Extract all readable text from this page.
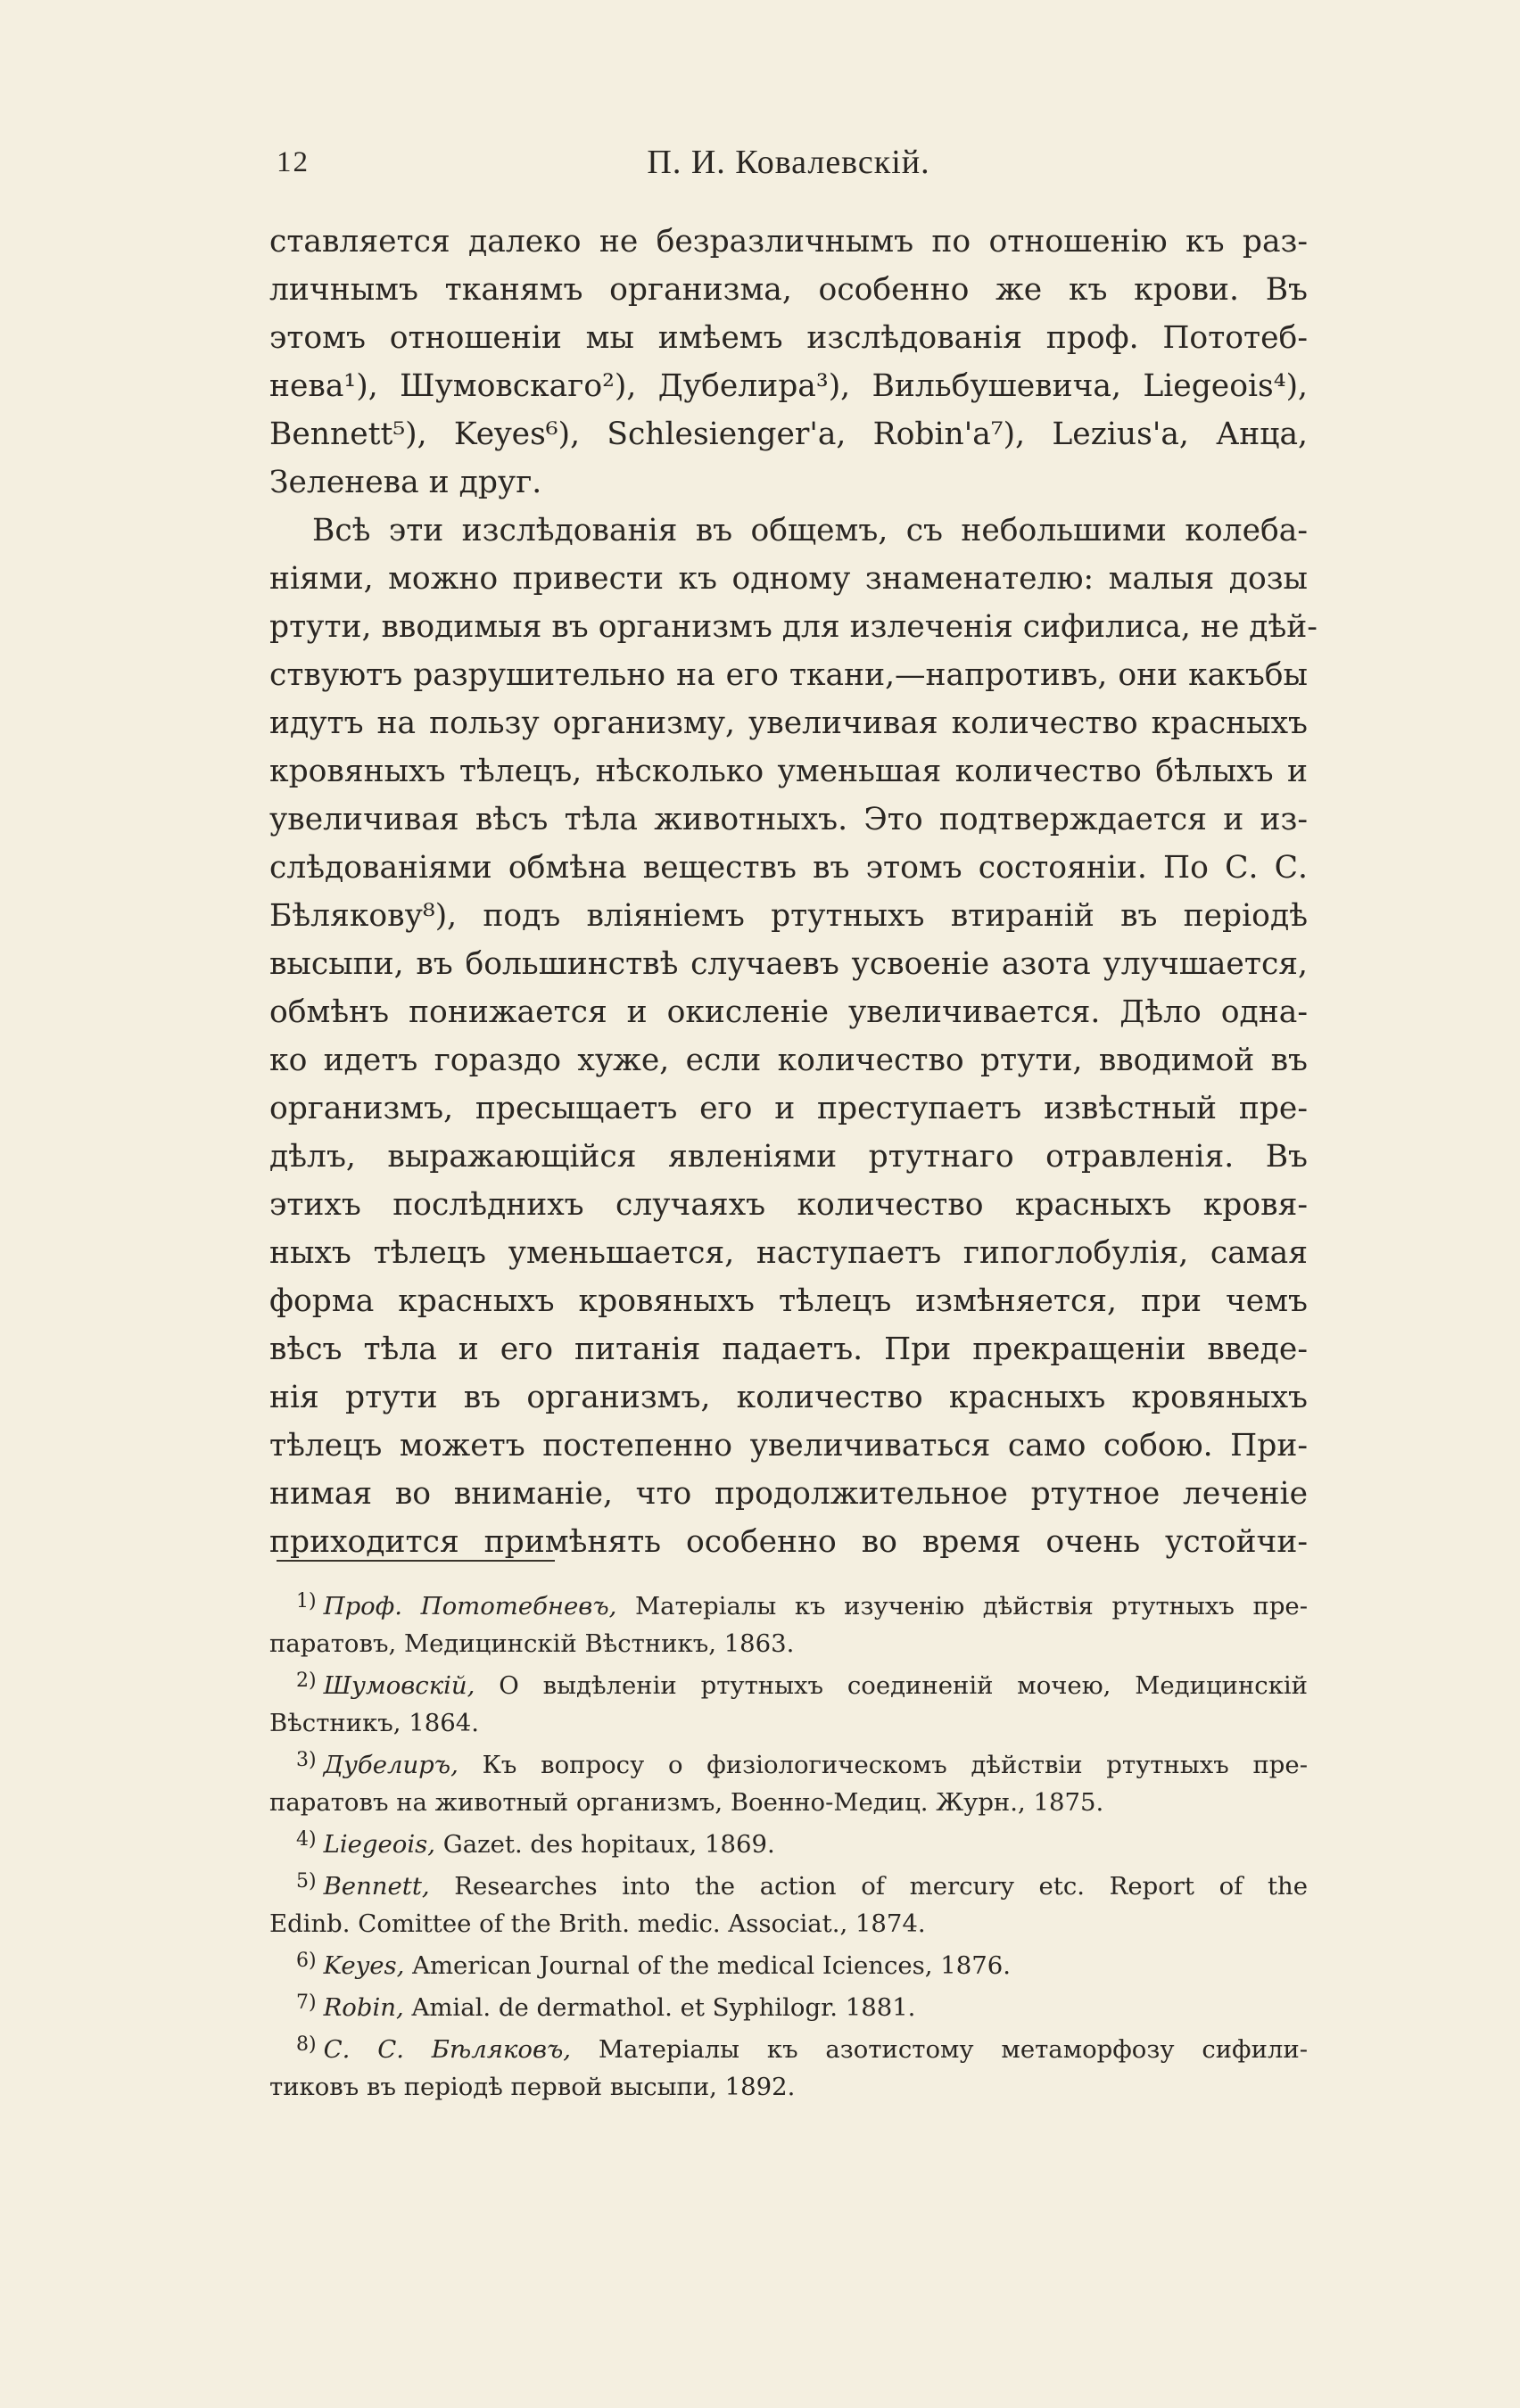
12	П. И. Ковалевскій.
ставляется далеко не безразличнымъ по отношенію къ раз-
личнымъ тканямъ организма, особенно же къ крови. Въ
этомъ отношеніи мы имѣемъ изслѣдованія проф. Пототеб-
нева¹), Шумовскаго²), Дубелира³), Вильбушевича, Liegeois⁴),
Bennett⁵), Keyes⁶), Schlesienger'a, Robin'a⁷), Lezius'a, Анца,
Зеленева и друг.
Всѣ эти изслѣдованія въ общемъ, съ небольшими колеба-
ніями, можно привести къ одному знаменателю: малыя дозы
ртути, вводимыя въ организмъ для излеченія сифилиса, не дѣй-
ствуютъ разрушительно на его ткани,—напротивъ, они какъбы
идутъ на пользу организму, увеличивая количество красныхъ
кровяныхъ тѣлецъ, нѣсколько уменьшая количество бѣлыхъ и
увеличивая вѣсъ тѣла животныхъ. Это подтверждается и из-
слѣдованіями обмѣна веществъ въ этомъ состояніи. По С. С.
Бѣлякову⁸), подъ вліяніемъ ртутныхъ втираній въ періодѣ
высыпи, въ большинствѣ случаевъ усвоеніе азота улучшается,
обмѣнъ понижается и окисленіе увеличивается. Дѣло одна-
ко идетъ гораздо хуже, если количество ртути, вводимой въ
организмъ, пресыщаетъ его и преступаетъ извѣстный пре-
дѣлъ, выражающійся явленіями ртутнаго отравленія. Въ
этихъ послѣднихъ случаяхъ количество красныхъ кровя-
ныхъ тѣлецъ уменьшается, наступаетъ гипоглобулія, самая
форма красныхъ кровяныхъ тѣлецъ измѣняется, при чемъ
вѣсъ тѣла и его питанія падаетъ. При прекращеніи введе-
нія ртути въ организмъ, количество красныхъ кровяныхъ
тѣлецъ можетъ постепенно увеличиваться само собою. При-
нимая во вниманіе, что продолжительное ртутное леченіе
приходится примѣнять особенно во время очень устойчи-
1) Проф. Пототебневъ, Матеріалы къ изученію дѣйствія ртутныхъ пре-
паратовъ, Медицинскій Вѣстникъ, 1863.
2) Шумовскій, О выдѣленіи ртутныхъ соединеній мочею, Медицинскій
Вѣстникъ, 1864.
3) Дубелиръ, Къ вопросу о физіологическомъ дѣйствіи ртутныхъ пре-
паратовъ на животный организмъ, Военно-Медиц. Журн., 1875.
4) Liegeois, Gazet. des hopitaux, 1869.
5) Bennett, Researches into the action of mercury etc. Report of the
Edinb. Comittee of the Brith. medic. Associat., 1874.
6) Keyes, American Journal of the medical Iciences, 1876.
7) Robin, Amial. de dermathol. et Syphilogr. 1881.
8) С. С. Бѣляковъ, Матеріалы къ азотистому метаморфозу сифили-
тиковъ въ періодѣ первой высыпи, 1892.
